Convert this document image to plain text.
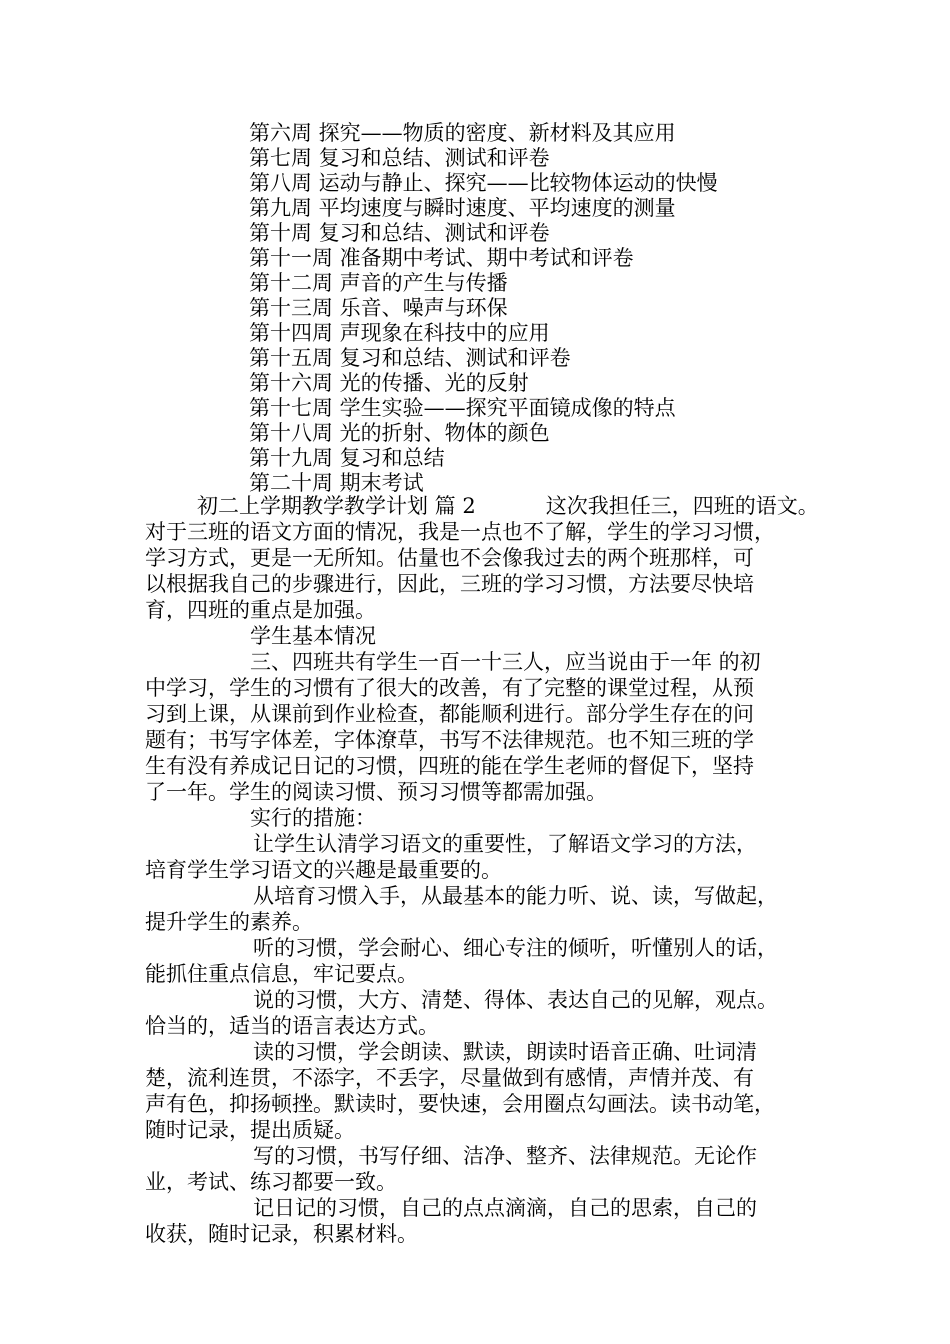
第六周 探究——物质的密度、新材料及其应用
第七周 复习和总结、测试和评卷
第八周 运动与静止、探究——比较物体运动的快慢
第九周 平均速度与瞬时速度、平均速度的测量
第十周 复习和总结、测试和评卷
第十一周 准备期中考试、期中考试和评卷
第十二周 声音的产生与传播
第十三周 乐音、噪声与环保
第十四周 声现象在科技中的应用
第十五周 复习和总结、测试和评卷
第十六周 光的传播、光的反射
第十七周 学生实验——探究平面镜成像的特点
第十八周 光的折射、物体的颜色
第十九周 复习和总结
第二十周 期末考试
初二上学期教学教学计划 篇 2	这次我担任三，四班的语文。
对于三班的语文方面的情况，我是一点也不了解，学生的学习习惯，
学习方式，更是一无所知。估量也不会像我过去的两个班那样，可
以根据我自己的步骤进行，因此，三班的学习习惯，方法要尽快培
育，四班的重点是加强。
学生基本情况
三、四班共有学生一百一十三人，应当说由于一年 的初
中学习，学生的习惯有了很大的改善，有了完整的课堂过程，从预
习到上课，从课前到作业检查，都能顺利进行。部分学生存在的问
题有；书写字体差，字体潦草，书写不法律规范。也不知三班的学
生有没有养成记日记的习惯，四班的能在学生老师的督促下，坚持
了一年。学生的阅读习惯、预习习惯等都需加强。
实行的措施：
让学生认清学习语文的重要性，了解语文学习的方法，
培育学生学习语文的兴趣是最重要的。
从培育习惯入手，从最基本的能力听、说、读，写做起，
提升学生的素养。
听的习惯，学会耐心、细心专注的倾听，听懂别人的话，
能抓住重点信息，牢记要点。
说的习惯，大方、清楚、得体、表达自己的见解，观点。
恰当的，适当的语言表达方式。
读的习惯，学会朗读、默读，朗读时语音正确、吐词清
楚，流利连贯，不添字，不丢字，尽量做到有感情，声情并茂、有
声有色，抑扬顿挫。默读时，要快速，会用圈点勾画法。读书动笔，
随时记录，提出质疑。
写的习惯，书写仔细、洁净、整齐、法律规范。无论作
业，考试、练习都要一致。
记日记的习惯，自己的点点滴滴，自己的思索，自己的
收获，随时记录，积累材料。
